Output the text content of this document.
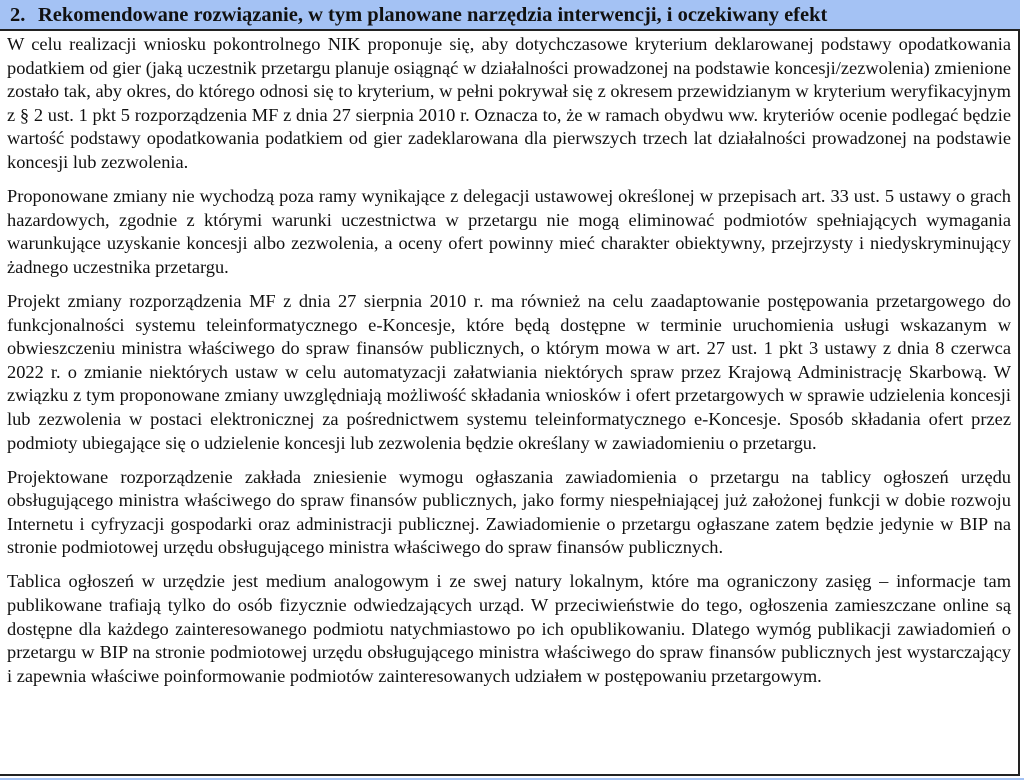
2. Rekomendowane rozwiązanie, w tym planowane narzędzia interwencji, i oczekiwany efekt

W celu realizacji wniosku pokontrolnego NIK proponuje się, aby dotychczasowe kryterium deklarowanej podstawy opodatkowania podatkiem od gier (jaką uczestnik przetargu planuje osiągnąć w działalności prowadzonej na podstawie koncesji/zezwolenia) zmienione zostało tak, aby okres, do którego odnosi się to kryterium, w pełni pokrywał się z okresem przewidzianym w kryterium weryfikacyjnym z § 2 ust. 1 pkt 5 rozporządzenia MF z dnia 27 sierpnia 2010 r. Oznacza to, że w ramach obydwu ww. kryteriów ocenie podlegać będzie wartość podstawy opodatkowania podatkiem od gier zadeklarowana dla pierwszych trzech lat działalności prowadzonej na podstawie koncesji lub zezwolenia.

Proponowane zmiany nie wychodzą poza ramy wynikające z delegacji ustawowej określonej w przepisach art. 33 ust. 5 ustawy o grach hazardowych, zgodnie z którymi warunki uczestnictwa w przetargu nie mogą eliminować podmiotów spełniających wymagania warunkujące uzyskanie koncesji albo zezwolenia, a oceny ofert powinny mieć charakter obiektywny, przejrzysty i niedyskryminujący żadnego uczestnika przetargu.

Projekt zmiany rozporządzenia MF z dnia 27 sierpnia 2010 r. ma również na celu zaadaptowanie postępowania przetargowego do funkcjonalności systemu teleinformatycznego e-Koncesje, które będą dostępne w terminie uruchomienia usługi wskazanym w obwieszczeniu ministra właściwego do spraw finansów publicznych, o którym mowa w art. 27 ust. 1 pkt 3 ustawy z dnia 8 czerwca 2022 r. o zmianie niektórych ustaw w celu automatyzacji załatwiania niektórych spraw przez Krajową Administrację Skarbową. W związku z tym proponowane zmiany uwzględniają możliwość składania wniosków i ofert przetargowych w sprawie udzielenia koncesji lub zezwolenia w postaci elektronicznej za pośrednictwem systemu teleinformatycznego e-Koncesje. Sposób składania ofert przez podmioty ubiegające się o udzielenie koncesji lub zezwolenia będzie określany w zawiadomieniu o przetargu.

Projektowane rozporządzenie zakłada zniesienie wymogu ogłaszania zawiadomienia o przetargu na tablicy ogłoszeń urzędu obsługującego ministra właściwego do spraw finansów publicznych, jako formy niespełniającej już założonej funkcji w dobie rozwoju Internetu i cyfryzacji gospodarki oraz administracji publicznej. Zawiadomienie o przetargu ogłaszane zatem będzie jedynie w BIP na stronie podmiotowej urzędu obsługującego ministra właściwego do spraw finansów publicznych.

Tablica ogłoszeń w urzędzie jest medium analogowym i ze swej natury lokalnym, które ma ograniczony zasięg – informacje tam publikowane trafiają tylko do osób fizycznie odwiedzających urząd. W przeciwieństwie do tego, ogłoszenia zamieszczane online są dostępne dla każdego zainteresowanego podmiotu natychmiastowo po ich opublikowaniu. Dlatego wymóg publikacji zawiadomień o przetargu w BIP na stronie podmiotowej urzędu obsługującego ministra właściwego do spraw finansów publicznych jest wystarczający i zapewnia właściwe poinformowanie podmiotów zainteresowanych udziałem w postępowaniu przetargowym.
